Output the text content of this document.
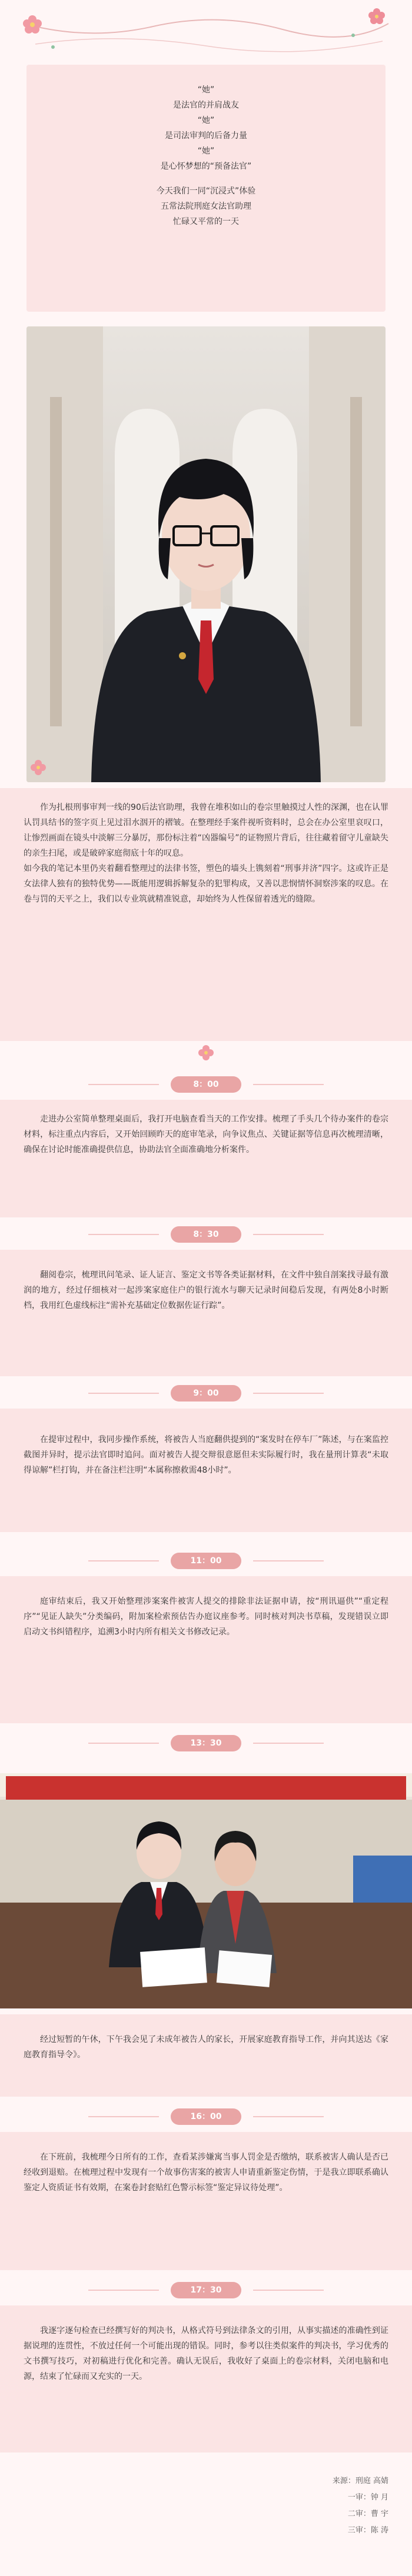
“她”
是法官的并肩战友
“她”
是司法审判的后备力量
“她”
是心怀梦想的“预备法官”
今天我们一同“沉浸式”体验
五常法院刑庭女法官助理
忙碌又平常的一天
作为扎根刑事审判一线的90后法官助理，我曾在堆积如山的卷宗里触摸过人性的深渊，也在认罪认罚具结书的签字页上见过泪水洇开的褶皱。在整理经手案件视听资料时，总会在办公室里哀叹口，让惨烈画面在镜头中淡解三分暴厉，那份标注着“凶器编号”的证物照片背后，往往藏着留守儿童缺失的亲生扫尾，或是破碎家庭彻底十年的叹息。
如今我的笔记本里仍夹着翻看整理过的法律书签，塑色的墙头上镌刻着“刑事并济”四字。这或许正是女法律人独有的独特优势——既能用逻辑拆解复杂的犯罪构成，又善以悲悯情怀洞察涉案的叹息。在卷与罚的天平之上，我们以专业筑就精准锐意，却始终为人性保留着透光的缝隙。
8：00
走进办公室简单整理桌面后，我打开电脑查看当天的工作安排。梳理了手头几个待办案件的卷宗材料，标注重点内容后，又开始回顾昨天的庭审笔录，向争议焦点、关键证据等信息再次梳理清晰，确保在讨论时能准确提供信息，协助法官全面准确地分析案件。
8：30
翻阅卷宗，梳理讯问笔录、证人证言、鉴定文书等各类证据材料，在文件中独自剖案找寻最有激润的地方，经过仔细核对一起涉案家庭住户的银行流水与聊天记录时间稳后发现，有两处8小时断档，我用红色虚线标注“需补充基础定位数据佐证行踪”。
9：00
在提审过程中，我同步操作系统，将被告人当庭翻供提到的“案发时在停车厂”陈述，与在案监控截图并异时，提示法官即时追问。面对被告人提交辩很意愿但未实际履行时，我在量刑计算表“未取得谅解”栏打钩，并在备注栏注明“本属称擦救需48小时”。
11：00
庭审结束后，我又开始整理涉案案件被害人提交的排除非法证据申请，按“刑讯逼供”“重定程序”“见证人缺失”分类编码，附加案检索预估告办庭议座参考。同时核对判决书草稿，发现错误立即启动文书纠错程序，追溯3小时内所有相关文书修改记录。
13：30
经过短暂的午休，下午我会见了未成年被告人的家长，开展家庭教育指导工作，并向其送达《家庭教育指导令》。
16：00
在下班前，我梳理今日所有的工作，查看某涉嫌寓当事人罚金是否缴纳，联系被害人确认是否已经收到退赔。在梳理过程中发现有一个故事伤害案的被害人申请重新鉴定伤情，于是我立即联系确认鉴定人资质证书有效期，在案卷封套贴红色警示标签“鉴定异议待处理”。
17：30
我逐字逐句检查已经撰写好的判决书，从格式符号到法律条文的引用，从事实描述的准确性到证据说理的连贯性，不放过任何一个可能出现的错误。同时，参考以往类似案件的判决书，学习优秀的文书撰写技巧，对初稿进行优化和完善。确认无误后，我收好了桌面上的卷宗材料，关闭电脑和电源，结束了忙碌而又充实的一天。
来源：刑庭 高婧
一审：钟 月
二审：曹 宇
三审：陈 涛
